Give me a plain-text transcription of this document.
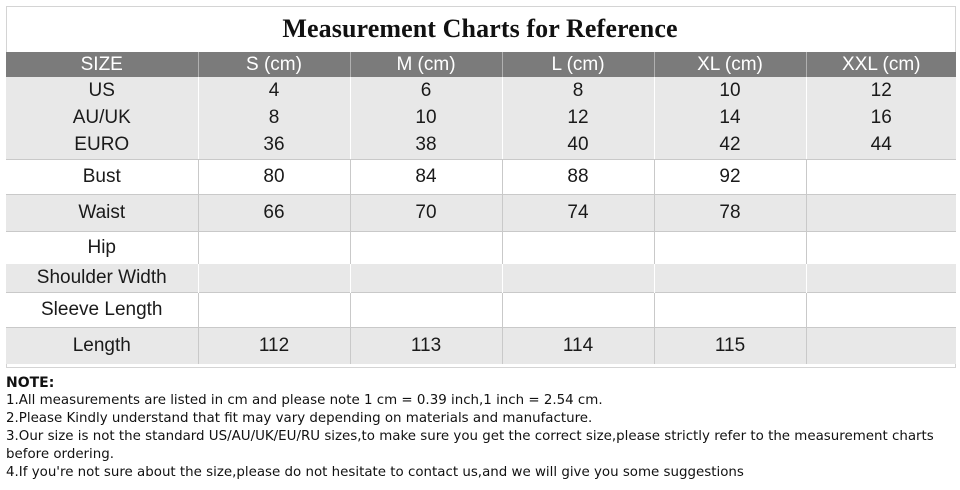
Measurement Charts for Reference
SIZE	S (cm)	M (cm)	L (cm)	XL (cm)	XXL (cm)
US	4	6	8	10	12
AU/UK	8	10	12	14	16
EURO	36	38	40	42	44
Bust	80	84	88	92	
Waist	66	70	74	78	
Hip					
Shoulder Width					
Sleeve Length					
Length	112	113	114	115	

NOTE:

1.All measurements are listed in cm and please note 1 cm = 0.39 inch,1 inch = 2.54 cm.

2.Please Kindly understand that fit may vary depending on materials and manufacture.

3.Our size is not the standard US/AU/UK/EU/RU sizes,to make sure you get the correct size,please strictly refer to the measurement charts before ordering.

4.If you're not sure about the size,please do not hesitate to contact us,and we will give you some suggestions
